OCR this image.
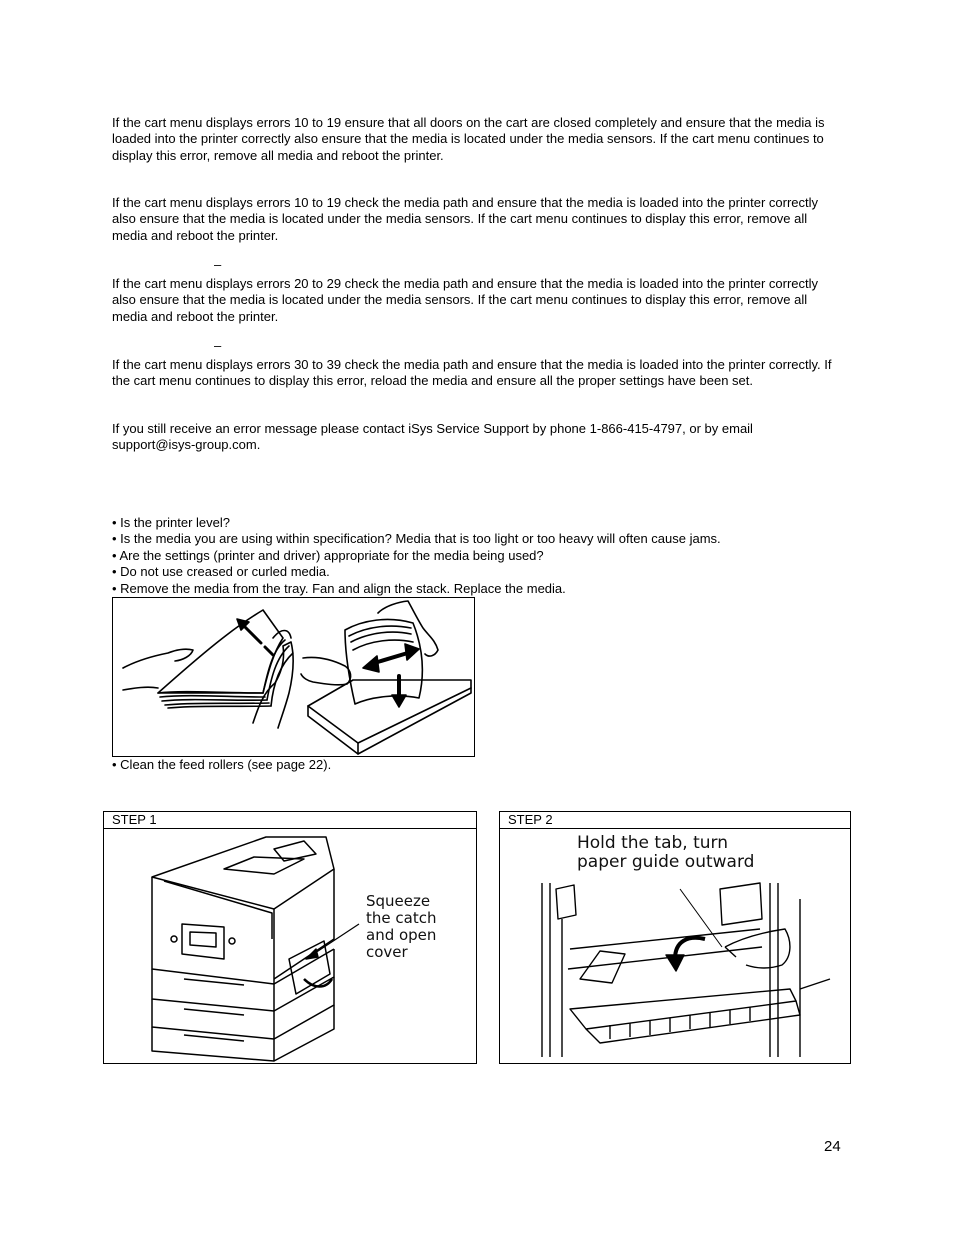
If the cart menu displays errors 10 to 19 ensure that all doors on the cart are closed completely and ensure that the media is loaded into the printer correctly also ensure that the media is located under the media sensors. If the cart menu continues to display this error, remove all media and reboot the printer.

If the cart menu displays errors 10 to 19 check the media path and ensure that the media is loaded into the printer correctly also ensure that the media is located under the media sensors. If the cart menu continues to display this error, remove all media and reboot the printer.

–

If the cart menu displays errors 20 to 29 check the media path and ensure that the media is loaded into the printer correctly also ensure that the media is located under the media sensors. If the cart menu continues to display this error, remove all media and reboot the printer.

–

If the cart menu displays errors 30 to 39 check the media path and ensure that the media is loaded into the printer correctly. If the cart menu continues to display this error, reload the media and ensure all the proper settings have been set.

If you still receive an error message please contact iSys Service Support by phone 1-866-415-4797, or by email support@isys-group.com.

• Is the printer level?
• Is the media you are using within specification? Media that is too light or too heavy will often cause jams.
• Are the settings (printer and driver) appropriate for the media being used?
• Do not use creased or curled media.
• Remove the media from the tray. Fan and align the stack. Replace the media.

• Clean the feed rollers (see page 22).

STEP 1
Squeeze
the catch
and open
cover
STEP 2
Hold the tab, turn
paper guide outward
24
